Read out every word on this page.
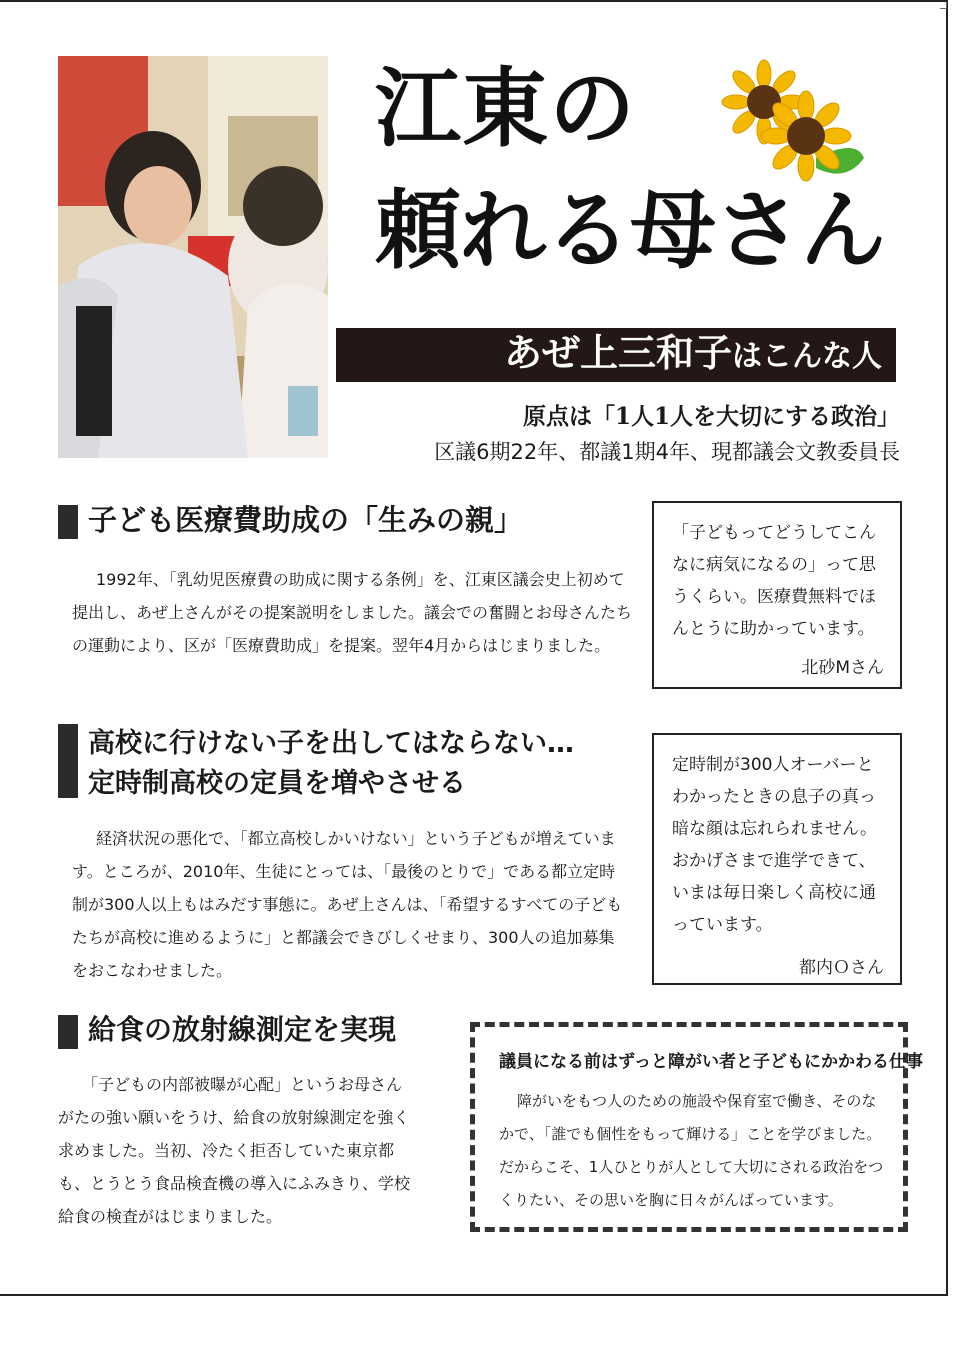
江東の
頼れる母さん
あぜ上三和子はこんな人
原点は「1人1人を大切にする政治」
区議6期22年、都議1期4年、現都議会文教委員長
子ども医療費助成の「生みの親」

1992年、「乳幼児医療費の助成に関する条例」を、江東区議会史上初めて提出し、あぜ上さんがその提案説明をしました。議会での奮闘とお母さんたちの運動により、区が「医療費助成」を提案。翌年4月からはじまりました。

「子どもってどうしてこんなに病気になるの」って思うくらい。医療費無料でほんとうに助かっています。
北砂Mさん
高校に行けない子を出してはならない…
定時制高校の定員を増やさせる

経済状況の悪化で、「都立高校しかいけない」という子どもが増えています。ところが、2010年、生徒にとっては、「最後のとりで」である都立定時制が300人以上もはみだす事態に。あぜ上さんは、「希望するすべての子どもたちが高校に進めるように」と都議会できびしくせまり、300人の追加募集をおこなわせました。

定時制が300人オーバーとわかったときの息子の真っ暗な顔は忘れられません。おかげさまで進学できて、いまは毎日楽しく高校に通っています。
都内Ｏさん
給食の放射線測定を実現

「子どもの内部被曝が心配」というお母さんがたの強い願いをうけ、給食の放射線測定を強く求めました。当初、冷たく拒否していた東京都も、とうとう食品検査機の導入にふみきり、学校給食の検査がはじまりました。

議員になる前はずっと障がい者と子どもにかかわる仕事
障がいをもつ人のための施設や保育室で働き、そのなかで、「誰でも個性をもって輝ける」ことを学びました。だからこそ、1人ひとりが人として大切にされる政治をつくりたい、その思いを胸に日々がんばっています。
